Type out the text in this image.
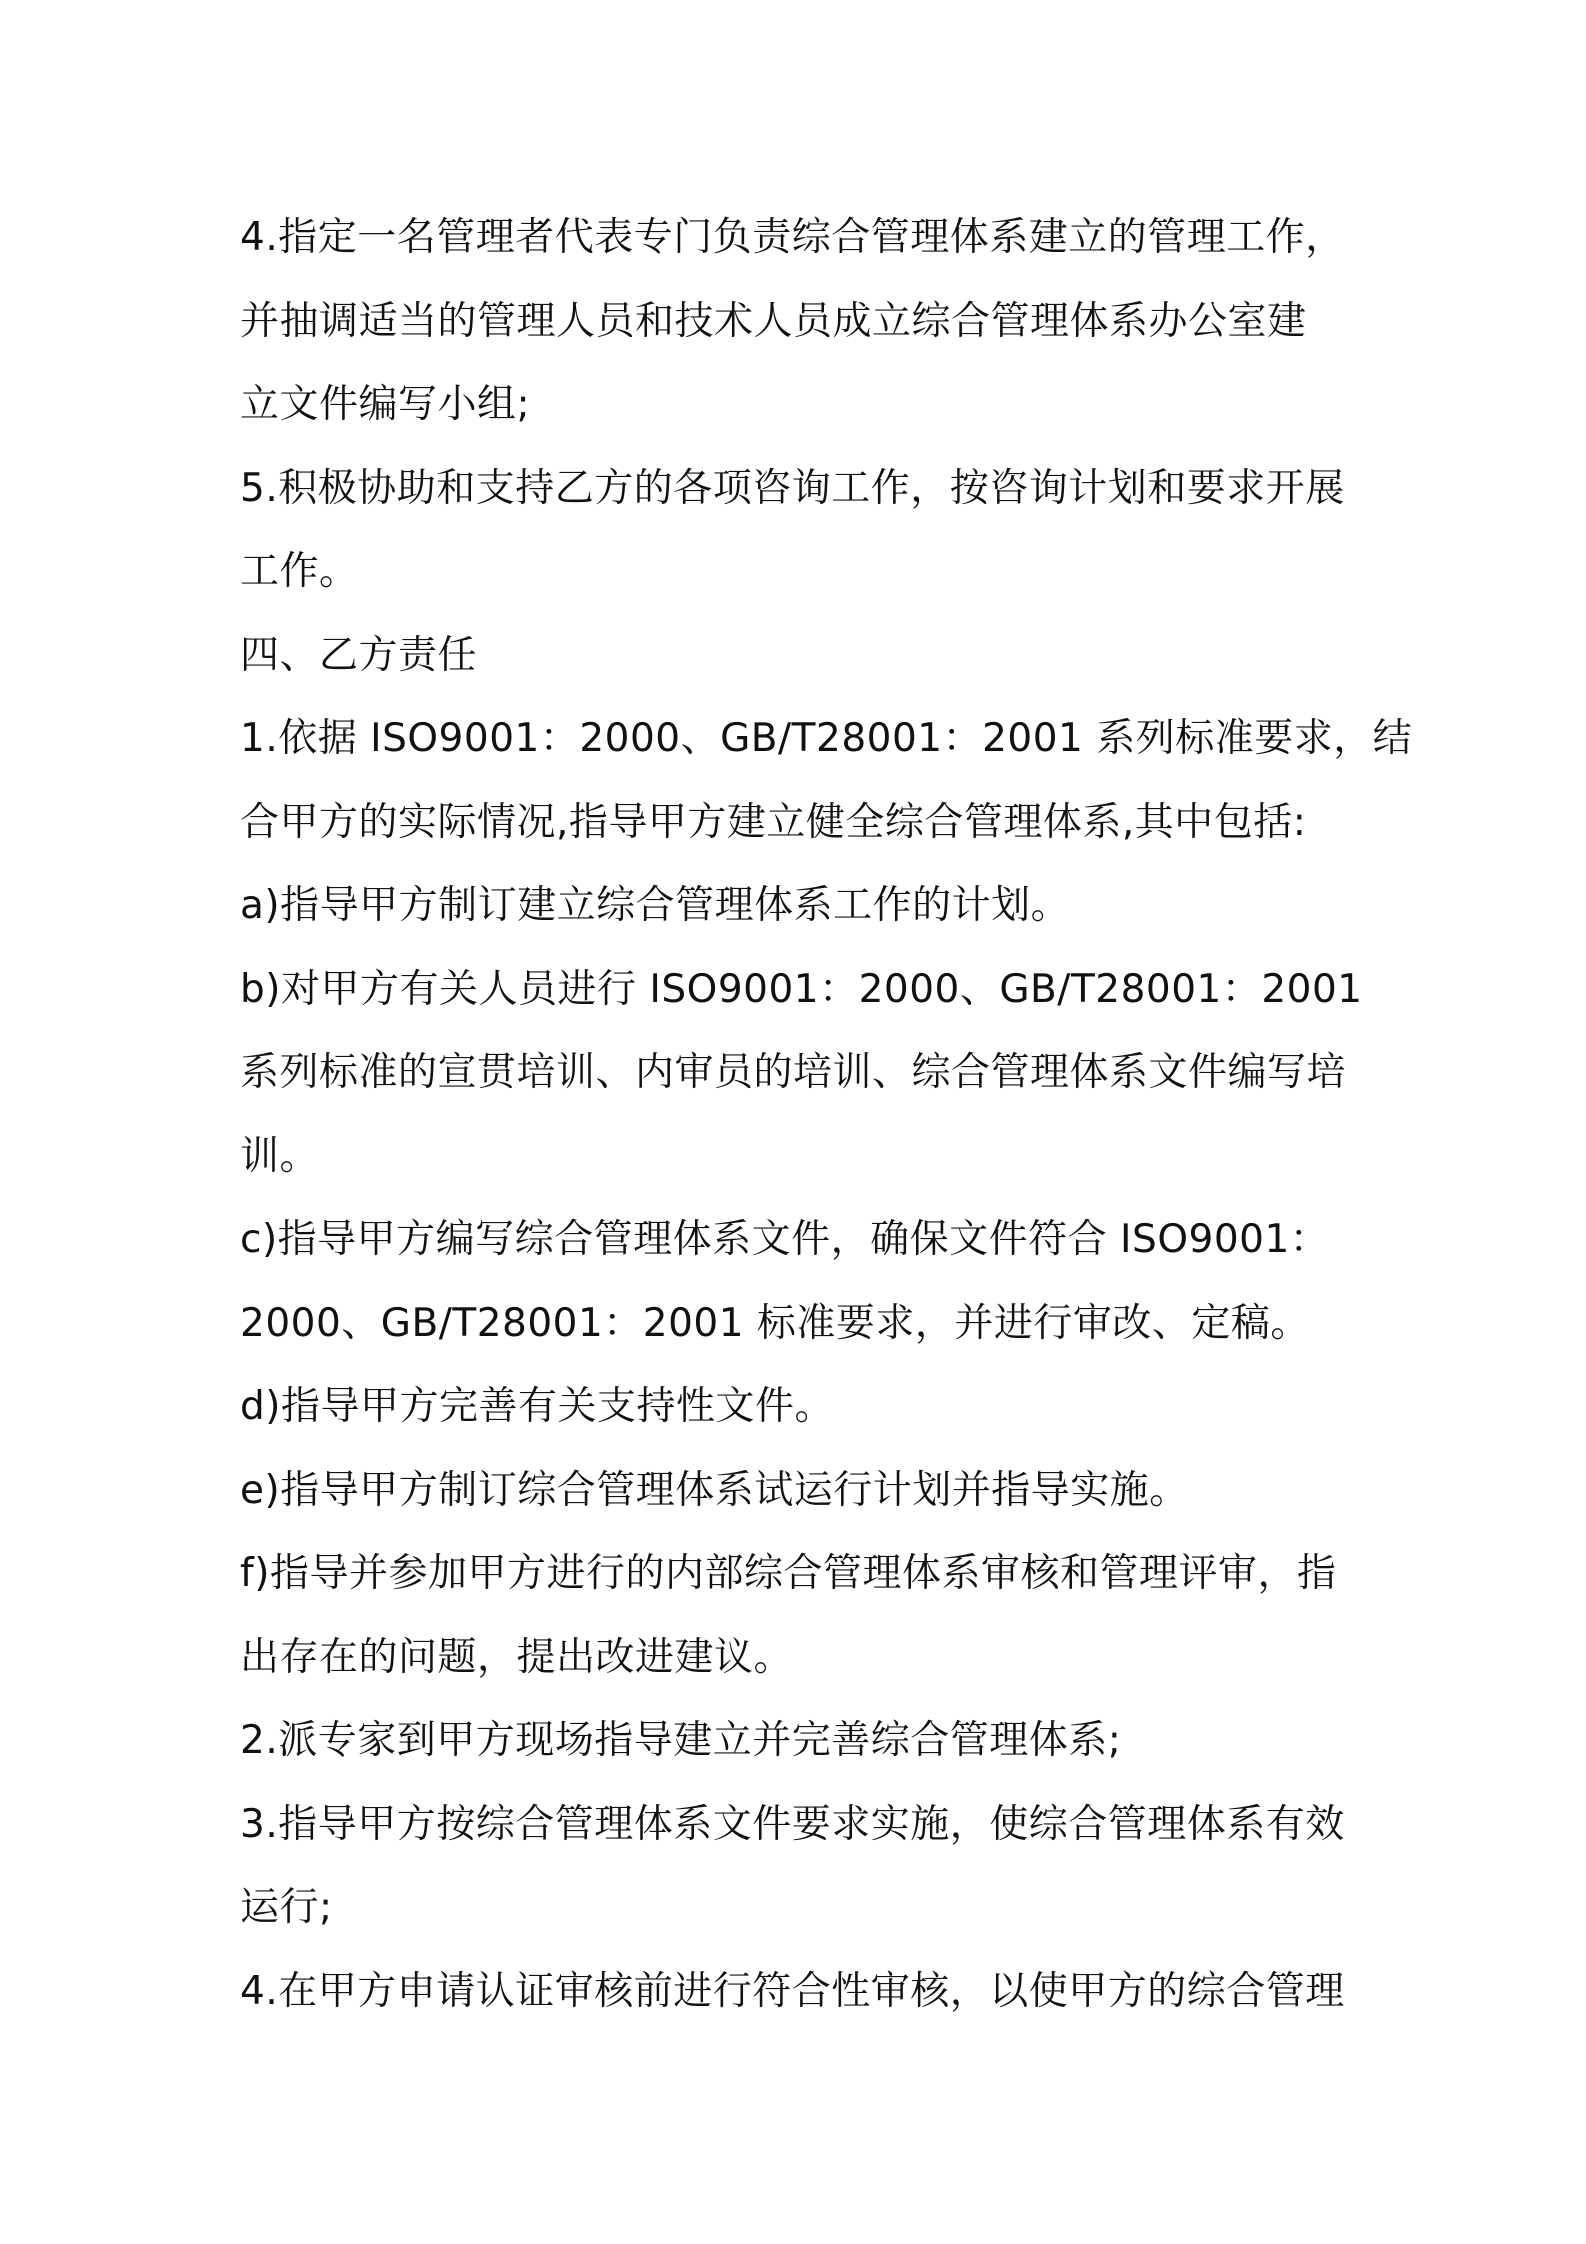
4.指定一名管理者代表专门负责综合管理体系建立的管理工作，
并抽调适当的管理人员和技术人员成立综合管理体系办公室建
立文件编写小组;
5.积极协助和支持乙方的各项咨询工作，按咨询计划和要求开展
工作。
四、乙方责任
1.依据 ISO9001：2000、GB/T28001：2001 系列标准要求，结
合甲方的实际情况,指导甲方建立健全综合管理体系,其中包括:
a)指导甲方制订建立综合管理体系工作的计划。
b)对甲方有关人员进行 ISO9001：2000、GB/T28001：2001
系列标准的宣贯培训、内审员的培训、综合管理体系文件编写培
训。
c)指导甲方编写综合管理体系文件，确保文件符合 ISO9001：
2000、GB/T28001：2001 标准要求，并进行审改、定稿。
d)指导甲方完善有关支持性文件。
e)指导甲方制订综合管理体系试运行计划并指导实施。
f)指导并参加甲方进行的内部综合管理体系审核和管理评审，指
出存在的问题，提出改进建议。
2.派专家到甲方现场指导建立并完善综合管理体系;
3.指导甲方按综合管理体系文件要求实施，使综合管理体系有效
运行;
4.在甲方申请认证审核前进行符合性审核，以使甲方的综合管理
